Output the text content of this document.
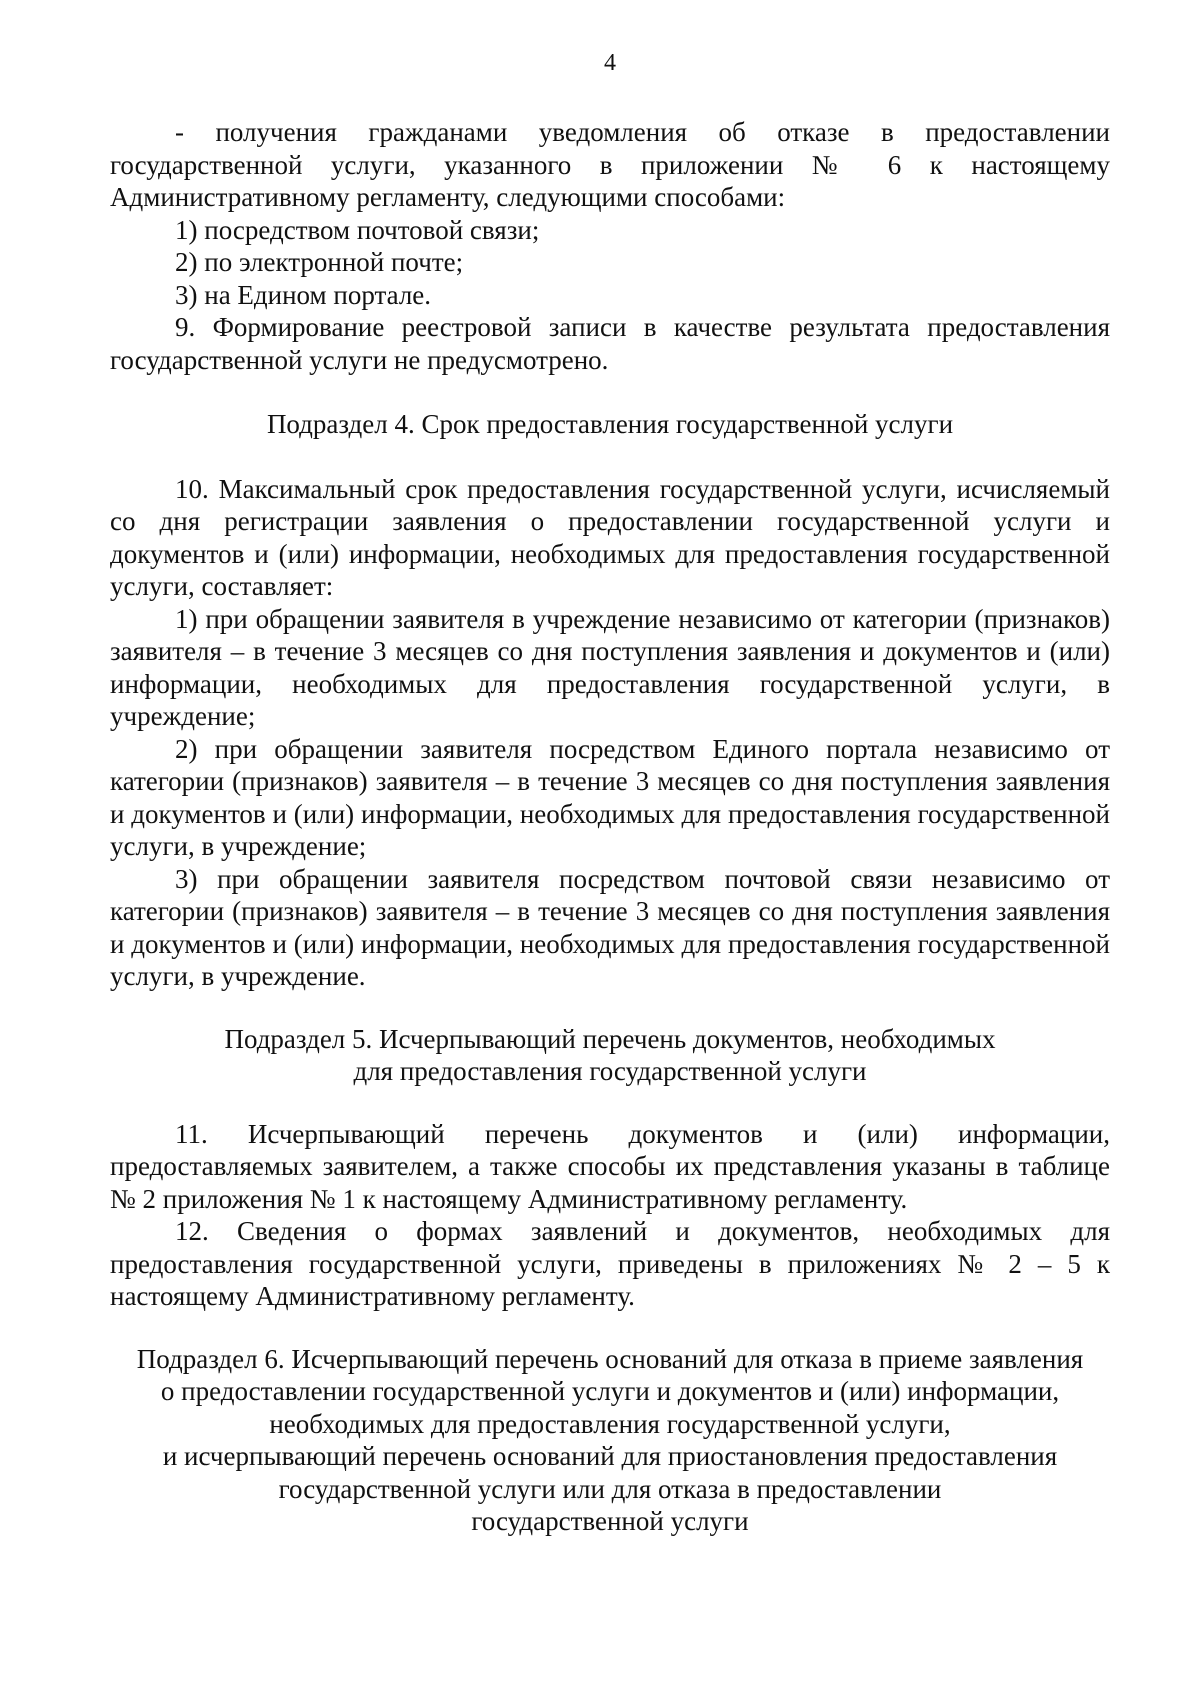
4

- получения гражданами уведомления об отказе в предоставлении государственной услуги, указанного в приложении № 6 к настоящему Административному регламенту, следующими способами:

1) посредством почтовой связи;

2) по электронной почте;

3) на Едином портале.

9. Формирование реестровой записи в качестве результата предоставления государственной услуги не предусмотрено.

Подраздел 4. Срок предоставления государственной услуги

10. Максимальный срок предоставления государственной услуги, исчисляемый со дня регистрации заявления о предоставлении государственной услуги и документов и (или) информации, необходимых для предоставления государственной услуги, составляет:

1) при обращении заявителя в учреждение независимо от категории (признаков) заявителя – в течение 3 месяцев со дня поступления заявления и документов и (или) информации, необходимых для предоставления государственной услуги, в учреждение;

2) при обращении заявителя посредством Единого портала независимо от категории (признаков) заявителя – в течение 3 месяцев со дня поступления заявления и документов и (или) информации, необходимых для предоставления государственной услуги, в учреждение;

3) при обращении заявителя посредством почтовой связи независимо от категории (признаков) заявителя – в течение 3 месяцев со дня поступления заявления и документов и (или) информации, необходимых для предоставления государственной услуги, в учреждение.

Подраздел 5. Исчерпывающий перечень документов, необходимых

для предоставления государственной услуги

11. Исчерпывающий перечень документов и (или) информации, предоставляемых заявителем, а также способы их представления указаны в таблице № 2 приложения № 1 к настоящему Административному регламенту.

12. Сведения о формах заявлений и документов, необходимых для предоставления государственной услуги, приведены в приложениях № 2 – 5 к настоящему Административному регламенту.

Подраздел 6. Исчерпывающий перечень оснований для отказа в приеме заявления

о предоставлении государственной услуги и документов и (или) информации,

необходимых для предоставления государственной услуги,

и исчерпывающий перечень оснований для приостановления предоставления

государственной услуги или для отказа в предоставлении

государственной услуги
